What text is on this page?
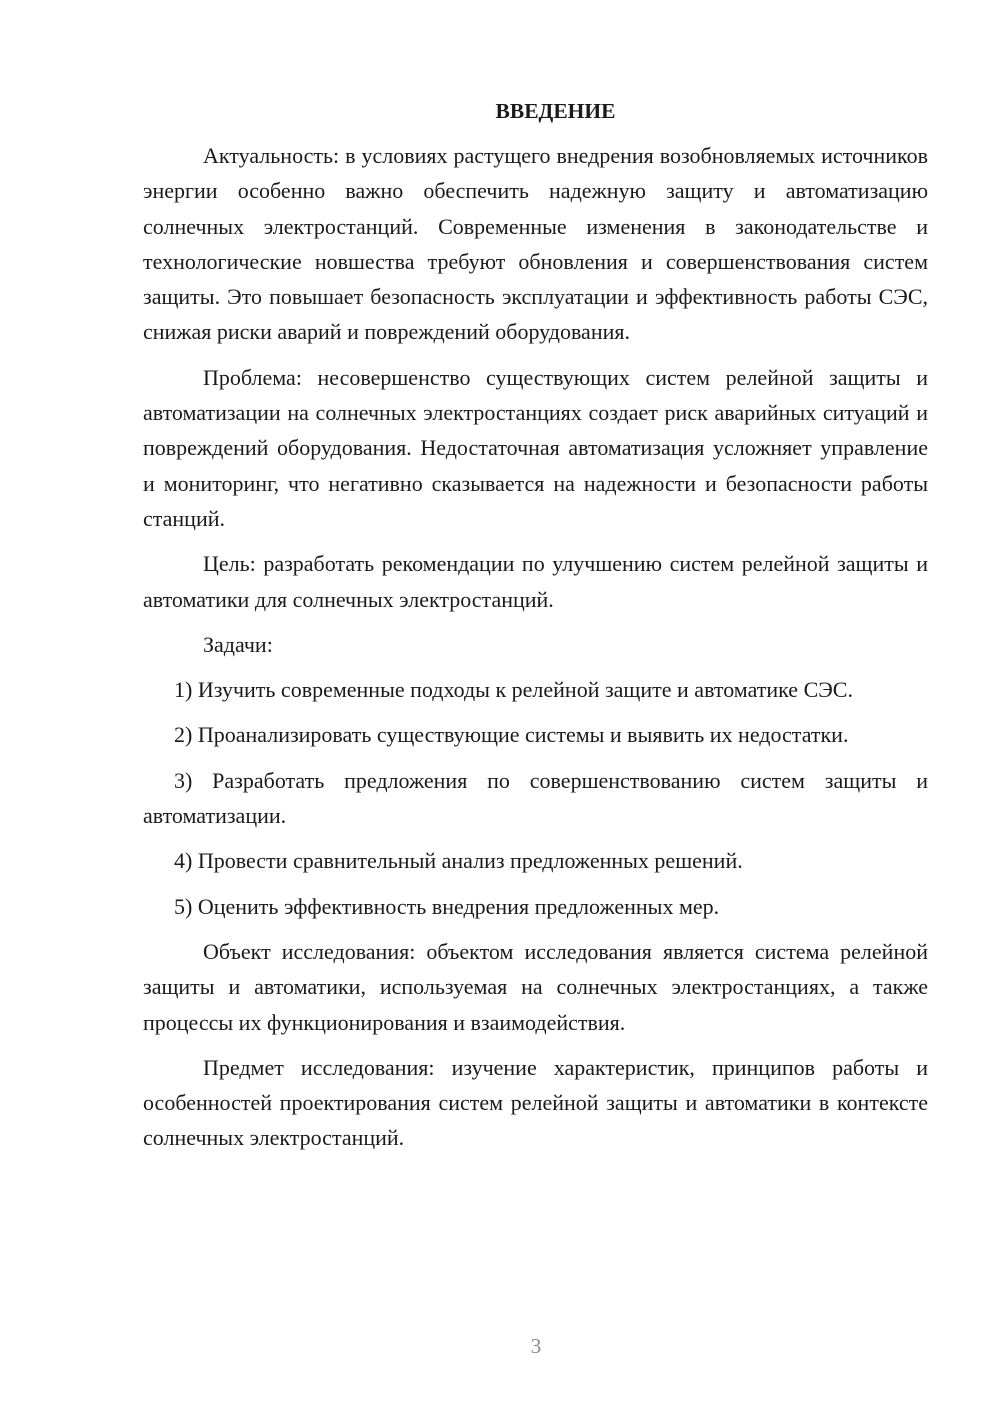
ВВЕДЕНИЕ

Актуальность: в условиях растущего внедрения возобновляемых источников энергии особенно важно обеспечить надежную защиту и автоматизацию солнечных электростанций. Современные изменения в законодательстве и технологические новшества требуют обновления и совершенствования систем защиты. Это повышает безопасность эксплуатации и эффективность работы СЭС, снижая риски аварий и повреждений оборудования.

Проблема: несовершенство существующих систем релейной защиты и автоматизации на солнечных электростанциях создает риск аварийных ситуаций и повреждений оборудования. Недостаточная автоматизация усложняет управление и мониторинг, что негативно сказывается на надежности и безопасности работы станций.

Цель: разработать рекомендации по улучшению систем релейной защиты и автоматики для солнечных электростанций.

Задачи:

1) Изучить современные подходы к релейной защите и автоматике СЭС.

2) Проанализировать существующие системы и выявить их недостатки.

3) Разработать предложения по совершенствованию систем защиты и автоматизации.

4) Провести сравнительный анализ предложенных решений.

5) Оценить эффективность внедрения предложенных мер.

Объект исследования: объектом исследования является система релейной защиты и автоматики, используемая на солнечных электростанциях, а также процессы их функционирования и взаимодействия.

Предмет исследования: изучение характеристик, принципов работы и особенностей проектирования систем релейной защиты и автоматики в контексте солнечных электростанций.

3
